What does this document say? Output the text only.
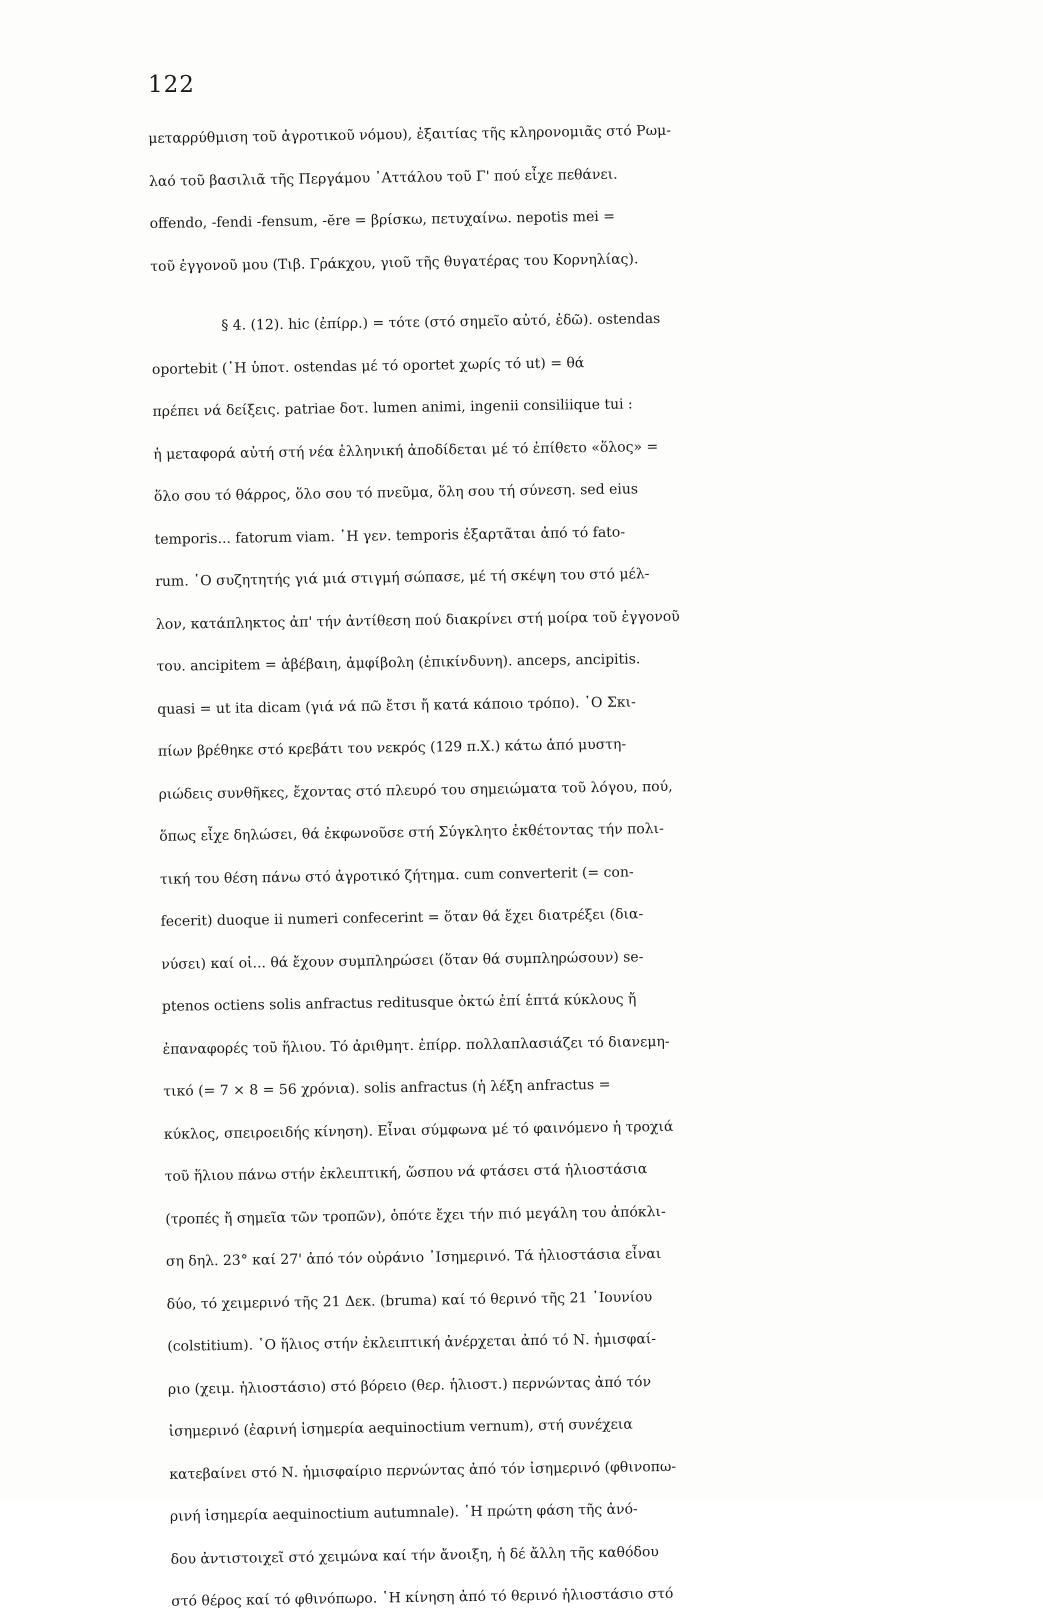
122
μεταρρύθμιση τοῦ ἀγροτικοῦ νόμου), ἐξαιτίας τῆς κληρονομιᾶς στό Ρωμ-
λαό τοῦ βασιλιᾶ τῆς Περγάμου ᾿Αττάλου τοῦ Γ' πού εἶχε πεθάνει.
offendo, -fendi -fensum, -ĕre = βρίσκω, πετυχαίνω. nepotis mei =
τοῦ ἐγγονοῦ μου (Τιβ. Γράκχου, γιοῦ τῆς θυγατέρας του Κορνηλίας).
§ 4. (12). hic (ἐπίρρ.) = τότε (στό σημεῖο αὐτό, ἐδῶ). ostendas
oportebit (῾Η ὑποτ. ostendas μέ τό oportet χωρίς τό ut) = θά
πρέπει νά δείξεις. patriae δοτ. lumen animi, ingenii consiliique tui :
ἡ μεταφορά αὐτή στή νέα ἑλληνική ἀποδίδεται μέ τό ἐπίθετο «ὅλος» =
ὅλο σου τό θάρρος, ὅλο σου τό πνεῦμα, ὅλη σου τή σύνεση. sed eius
temporis... fatorum viam. ῾Η γεν. temporis ἐξαρτᾶται ἀπό τό fato-
rum. ῾Ο συζητητής γιά μιά στιγμή σώπασε, μέ τή σκέψη του στό μέλ-
λον, κατάπληκτος ἀπ' τήν ἀντίθεση πού διακρίνει στή μοίρα τοῦ ἐγγονοῦ
του. ancipitem = ἀβέβαιη, ἀμφίβολη (ἐπικίνδυνη). anceps, ancipitis.
quasi = ut ita dicam (γιά νά πῶ ἔτσι ἤ κατά κάποιο τρόπο). ῾Ο Σκι-
πίων βρέθηκε στό κρεβάτι του νεκρός (129 π.Χ.) κάτω ἀπό μυστη-
ριώδεις συνθῆκες, ἔχοντας στό πλευρό του σημειώματα τοῦ λόγου, πού,
ὅπως εἶχε δηλώσει, θά ἐκφωνοῦσε στή Σύγκλητο ἐκθέτοντας τήν πολι-
τική του θέση πάνω στό ἀγροτικό ζήτημα. cum converterit (= con-
fecerit) duoque ii numeri confecerint = ὅταν θά ἔχει διατρέξει (δια-
νύσει) καί οἱ... θά ἔχουν συμπληρώσει (ὅταν θά συμπληρώσουν) se-
ptenos octiens solis anfractus reditusque ὀκτώ ἐπί ἑπτά κύκλους ἤ
ἐπαναφορές τοῦ ἥλιου. Τό ἀριθμητ. ἐπίρρ. πολλαπλασιάζει τό διανεμη-
τικό (= 7 × 8 = 56 χρόνια). solis anfractus (ἡ λέξη anfractus =
κύκλος, σπειροειδής κίνηση). Εἶναι σύμφωνα μέ τό φαινόμενο ἡ τροχιά
τοῦ ἥλιου πάνω στήν ἐκλειπτική, ὥσπου νά φτάσει στά ἡλιοστάσια
(τροπές ἤ σημεῖα τῶν τροπῶν), ὁπότε ἔχει τήν πιό μεγάλη του ἀπόκλι-
ση δηλ. 23° καί 27' ἀπό τόν οὐράνιο ᾿Ισημερινό. Τά ἡλιοστάσια εἶναι
δύο, τό χειμερινό τῆς 21 Δεκ. (bruma) καί τό θερινό τῆς 21 ᾿Ιουνίου
(colstitium). ῾Ο ἥλιος στήν ἐκλειπτική ἀνέρχεται ἀπό τό Ν. ἡμισφαί-
ριο (χειμ. ἡλιοστάσιο) στό βόρειο (θερ. ἡλιοστ.) περνώντας ἀπό τόν
ἰσημερινό (ἐαρινή ἰσημερία aequinoctium vernum), στή συνέχεια
κατεβαίνει στό Ν. ἡμισφαίριο περνώντας ἀπό τόν ἰσημερινό (φθινοπω-
ρινή ἰσημερία aequinoctium autumnale). ῾Η πρώτη φάση τῆς ἀνό-
δου ἀντιστοιχεῖ στό χειμώνα καί τήν ἄνοιξη, ἡ δέ ἄλλη τῆς καθόδου
στό θέρος καί τό φθινόπωρο. ῾Η κίνηση ἀπό τό θερινό ἡλιοστάσιο στό
